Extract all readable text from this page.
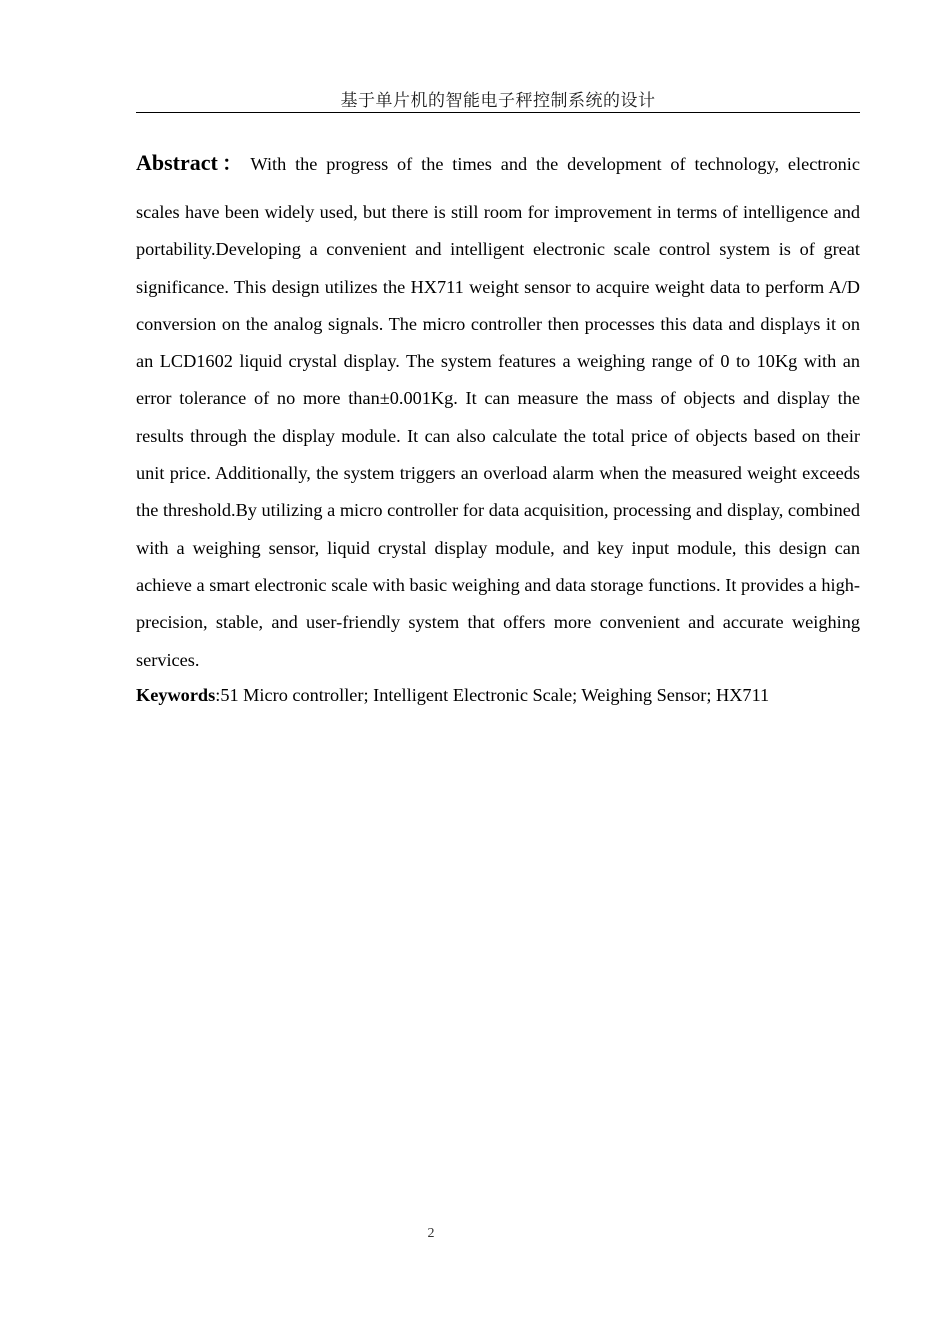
基于单片机的智能电子秤控制系统的设计

Abstract： With the progress of the times and the development of technology, electronic

scales have been widely used, but there is still room for improvement in terms of intelligence and portability.Developing a convenient and intelligent electronic scale control system is of great significance. This design utilizes the HX711 weight sensor to acquire weight data to perform A/D conversion on the analog signals. The micro controller then processes this data and displays it on an LCD1602 liquid crystal display. The system features a weighing range of 0 to 10Kg with an error tolerance of no more than±0.001Kg. It can measure the mass of objects and display the results through the display module. It can also calculate the total price of objects based on their unit price. Additionally, the system triggers an overload alarm when the measured weight exceeds the threshold.By utilizing a micro controller for data acquisition, processing and display, combined with a weighing sensor, liquid crystal display module, and key input module, this design can achieve a smart electronic scale with basic weighing and data storage functions. It provides a high-precision, stable, and user-friendly system that offers more convenient and accurate weighing services.

Keywords:51 Micro controller; Intelligent Electronic Scale; Weighing Sensor; HX711
2
